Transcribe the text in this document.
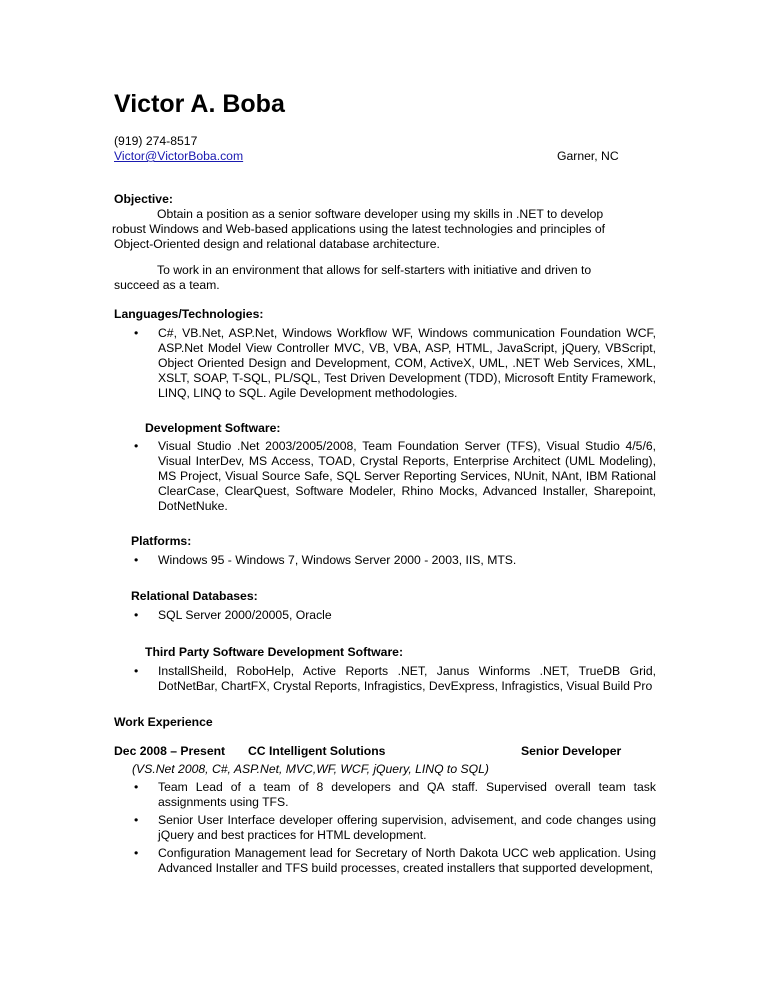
Victor A. Boba
(919) 274-8517
Victor@VictorBoba.com	Garner, NC
Objective:
Obtain a position as a senior software developer using my skills in .NET to develop
robust Windows and Web-based applications using the latest technologies and principles of
Object-Oriented design and relational database architecture.
To work in an environment that allows for self-starters with initiative and driven to
succeed as a team.
Languages/Technologies:
• C#, VB.Net, ASP.Net, Windows Workflow WF, Windows communication Foundation WCF, ASP.Net Model View Controller MVC, VB, VBA, ASP, HTML, JavaScript, jQuery, VBScript, Object Oriented Design and Development, COM, ActiveX, UML, .NET Web Services, XML, XSLT, SOAP, T-SQL, PL/SQL, Test Driven Development (TDD), Microsoft Entity Framework, LINQ, LINQ to SQL. Agile Development methodologies.
Development Software:
• Visual Studio .Net 2003/2005/2008, Team Foundation Server (TFS), Visual Studio 4/5/6, Visual InterDev, MS Access, TOAD, Crystal Reports, Enterprise Architect (UML Modeling), MS Project, Visual Source Safe, SQL Server Reporting Services, NUnit, NAnt, IBM Rational ClearCase, ClearQuest, Software Modeler, Rhino Mocks, Advanced Installer, Sharepoint, DotNetNuke.
Platforms:
• Windows 95 - Windows 7, Windows Server 2000 - 2003, IIS, MTS.
Relational Databases:
• SQL Server 2000/20005, Oracle
Third Party Software Development Software:
• InstallSheild, RoboHelp, Active Reports .NET, Janus Winforms .NET, TrueDB Grid, DotNetBar, ChartFX, Crystal Reports, Infragistics, DevExpress, Infragistics, Visual Build Pro
Work Experience
Dec 2008 – Present CC Intelligent Solutions	Senior Developer
(VS.Net 2008, C#, ASP.Net, MVC,WF, WCF, jQuery, LINQ to SQL)
• Team Lead of a team of 8 developers and QA staff. Supervised overall team task assignments using TFS.
• Senior User Interface developer offering supervision, advisement, and code changes using jQuery and best practices for HTML development.
• Configuration Management lead for Secretary of North Dakota UCC web application. Using Advanced Installer and TFS build processes, created installers that supported development,
